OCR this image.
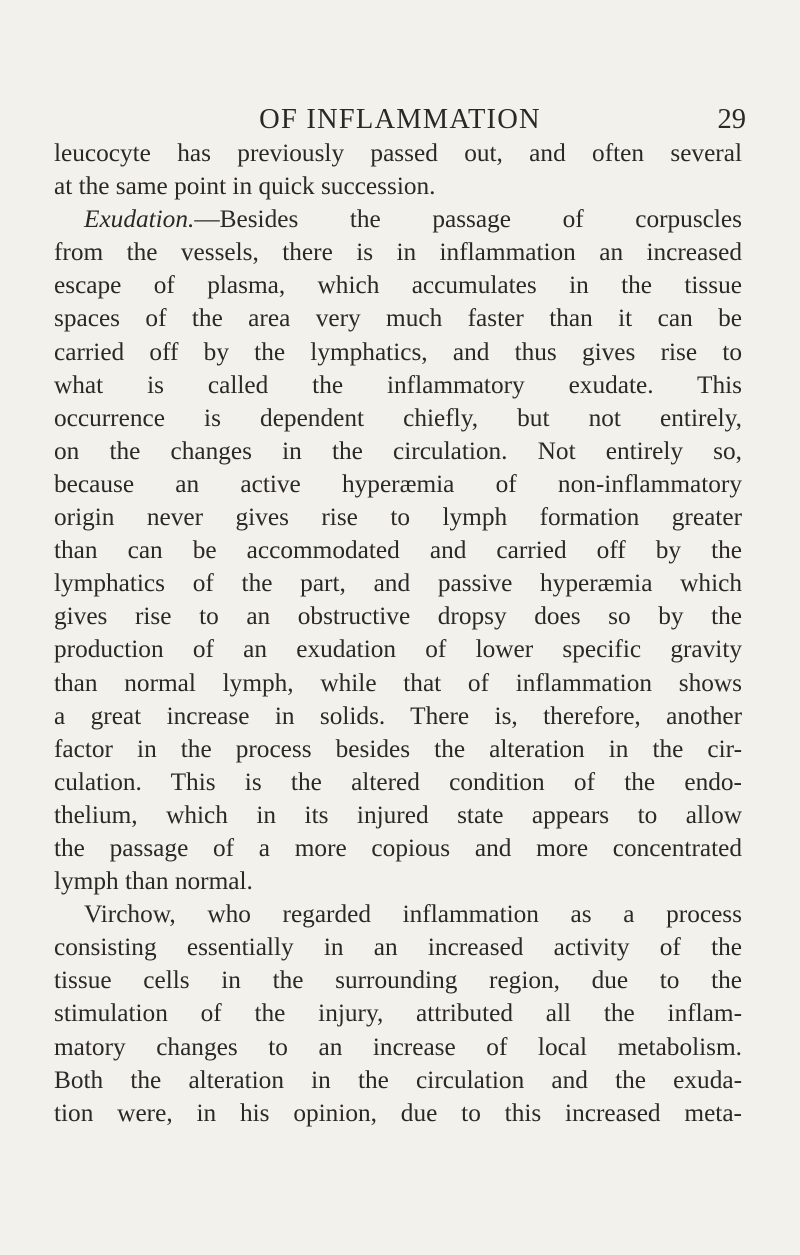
OF INFLAMMATION	29
leucocyte has previously passed out, and often several
at the same point in quick succession.
Exudation.—Besides the passage of corpuscles
from the vessels, there is in inflammation an increased
escape of plasma, which accumulates in the tissue
spaces of the area very much faster than it can be
carried off by the lymphatics, and thus gives rise to
what is called the inflammatory exudate. This
occurrence is dependent chiefly, but not entirely,
on the changes in the circulation. Not entirely so,
because an active hyperæmia of non-inflammatory
origin never gives rise to lymph formation greater
than can be accommodated and carried off by the
lymphatics of the part, and passive hyperæmia which
gives rise to an obstructive dropsy does so by the
production of an exudation of lower specific gravity
than normal lymph, while that of inflammation shows
a great increase in solids. There is, therefore, another
factor in the process besides the alteration in the cir-
culation. This is the altered condition of the endo-
thelium, which in its injured state appears to allow
the passage of a more copious and more concentrated
lymph than normal.
Virchow, who regarded inflammation as a process
consisting essentially in an increased activity of the
tissue cells in the surrounding region, due to the
stimulation of the injury, attributed all the inflam-
matory changes to an increase of local metabolism.
Both the alteration in the circulation and the exuda-
tion were, in his opinion, due to this increased meta-
